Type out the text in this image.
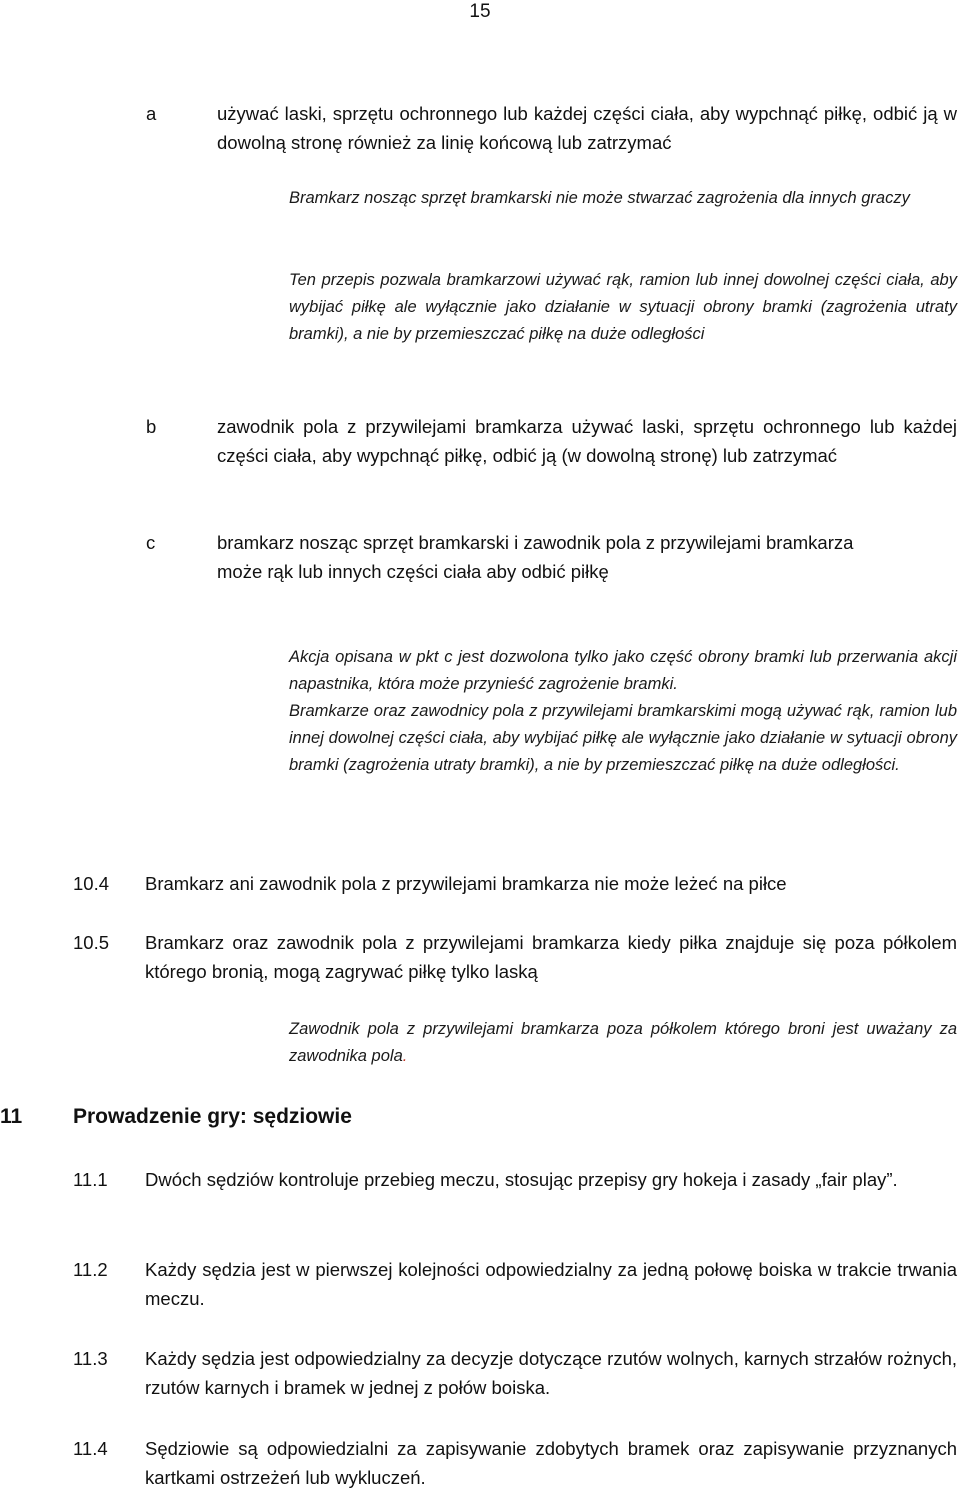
15
a	używać laski, sprzętu ochronnego lub każdej części ciała, aby wypchnąć piłkę, odbić ją w dowolną stronę również za linię końcową lub zatrzymać
Bramkarz nosząc sprzęt bramkarski nie może stwarzać zagrożenia dla innych graczy
Ten przepis pozwala bramkarzowi używać rąk, ramion lub innej dowolnej części ciała, aby wybijać piłkę ale wyłącznie jako działanie w sytuacji obrony bramki (zagrożenia utraty bramki), a nie by przemieszczać piłkę na duże odległości
b	zawodnik pola z przywilejami bramkarza używać laski, sprzętu ochronnego lub każdej części ciała, aby wypchnąć piłkę, odbić ją (w dowolną stronę) lub zatrzymać
c	bramkarz nosząc sprzęt bramkarski i zawodnik pola z przywilejami bramkarza może rąk lub innych części ciała aby odbić piłkę
Akcja opisana w pkt c jest dozwolona tylko jako część obrony bramki lub przerwania akcji napastnika, która może przynieść zagrożenie bramki.
Bramkarze oraz zawodnicy pola z przywilejami bramkarskimi mogą używać rąk, ramion lub innej dowolnej części ciała, aby wybijać piłkę ale wyłącznie jako działanie w sytuacji obrony bramki (zagrożenia utraty bramki), a nie by przemieszczać piłkę na duże odległości.
10.4 Bramkarz ani zawodnik pola z przywilejami bramkarza nie może leżeć na piłce
10.5 Bramkarz oraz zawodnik pola z przywilejami bramkarza kiedy piłka znajduje się poza półkolem którego bronią, mogą zagrywać piłkę tylko laską
Zawodnik pola z przywilejami bramkarza poza półkolem którego broni jest uważany za zawodnika pola.
11 Prowadzenie gry: sędziowie
11.1 Dwóch sędziów kontroluje przebieg meczu, stosując przepisy gry hokeja i zasady „fair play”.
11.2 Każdy sędzia jest w pierwszej kolejności odpowiedzialny za jedną połowę boiska w trakcie trwania meczu.
11.3 Każdy sędzia jest odpowiedzialny za decyzje dotyczące rzutów wolnych, karnych strzałów rożnych, rzutów karnych i bramek w jednej z połów boiska.
11.4 Sędziowie są odpowiedzialni za zapisywanie zdobytych bramek oraz zapisywanie przyznanych kartkami ostrzeżeń lub wykluczeń.
